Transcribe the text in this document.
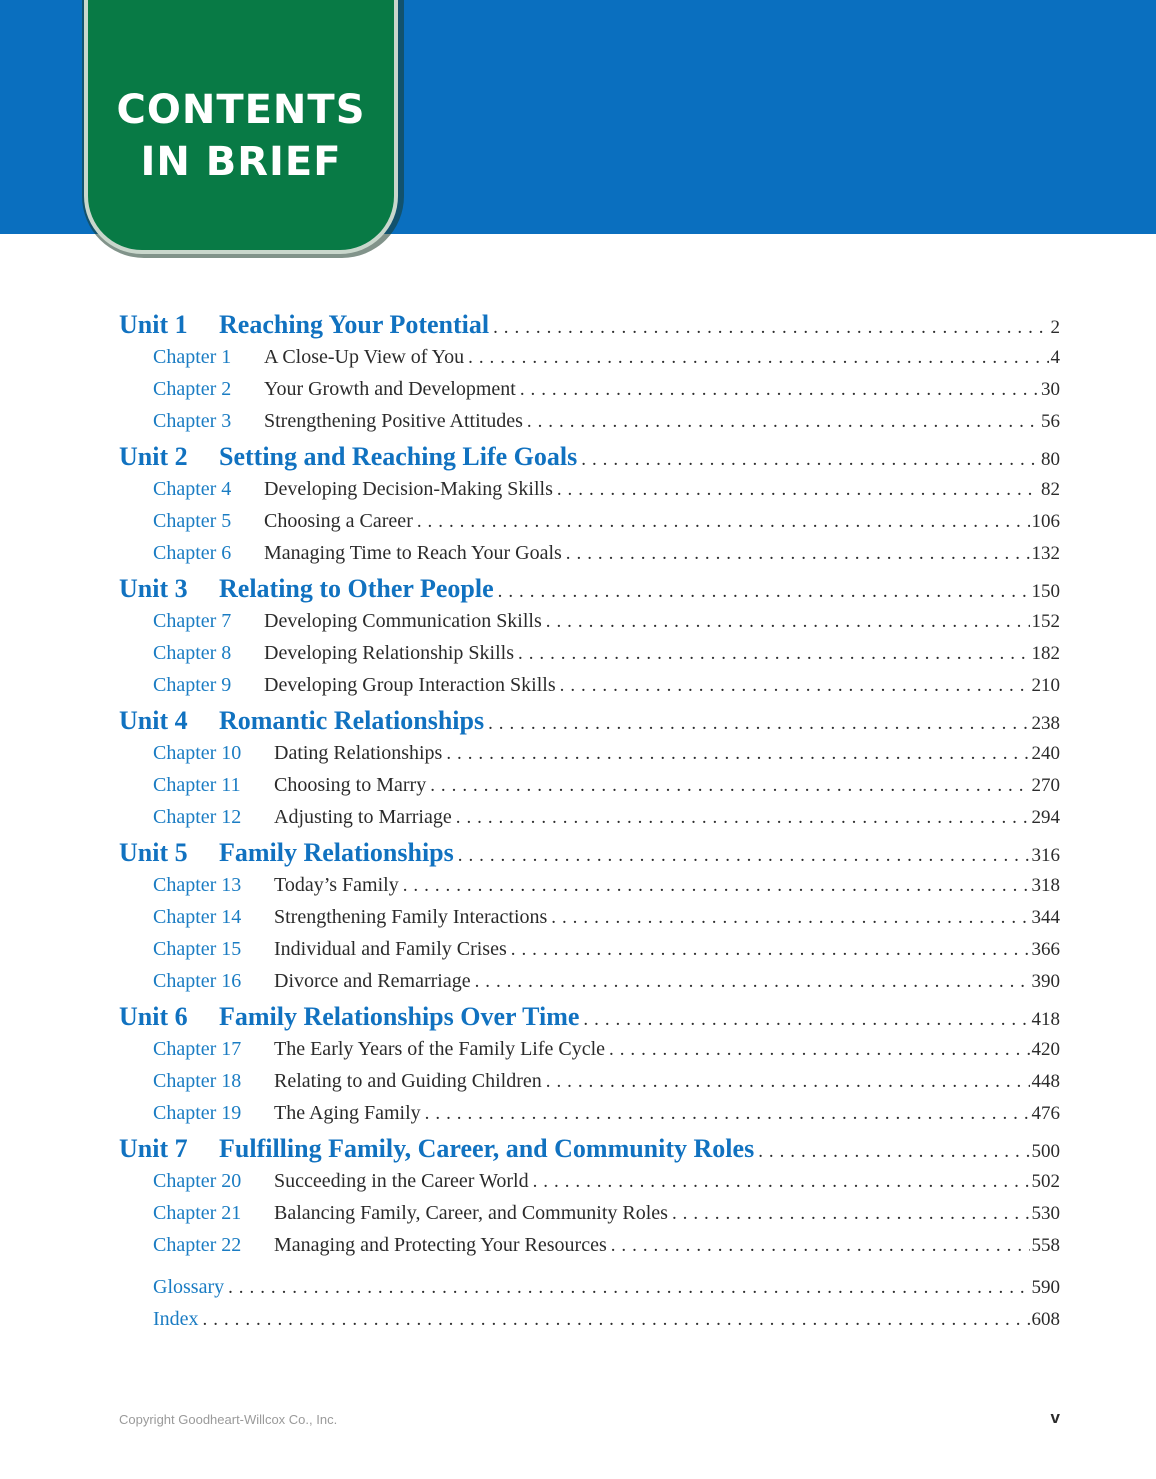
CONTENTS
IN BRIEF
Unit 1	Reaching Your Potential . . .	2
Chapter 1	A Close-Up View of You . . .	4
Chapter 2	Your Growth and Development . . .	30
Chapter 3	Strengthening Positive Attitudes . . .	56
Unit 2	Setting and Reaching Life Goals . . .	80
Chapter 4	Developing Decision-Making Skills . . .	82
Chapter 5	Choosing a Career . . .	106
Chapter 6	Managing Time to Reach Your Goals . . .	132
Unit 3	Relating to Other People . . .	150
Chapter 7	Developing Communication Skills . . .	152
Chapter 8	Developing Relationship Skills . . .	182
Chapter 9	Developing Group Interaction Skills . . .	210
Unit 4	Romantic Relationships . . .	238
Chapter 10	Dating Relationships . . .	240
Chapter 11	Choosing to Marry . . .	270
Chapter 12	Adjusting to Marriage . . .	294
Unit 5	Family Relationships . . .	316
Chapter 13	Today’s Family . . .	318
Chapter 14	Strengthening Family Interactions . . .	344
Chapter 15	Individual and Family Crises . . .	366
Chapter 16	Divorce and Remarriage . . .	390
Unit 6	Family Relationships Over Time . . .	418
Chapter 17	The Early Years of the Family Life Cycle . . .	420
Chapter 18	Relating to and Guiding Children . . .	448
Chapter 19	The Aging Family . . .	476
Unit 7	Fulfilling Family, Career, and Community Roles . . .	500
Chapter 20	Succeeding in the Career World . . .	502
Chapter 21	Balancing Family, Career, and Community Roles . . .	530
Chapter 22	Managing and Protecting Your Resources . . .	558
Glossary . . .	590
Index . . .	608
Copyright Goodheart-Willcox Co., Inc.	v
